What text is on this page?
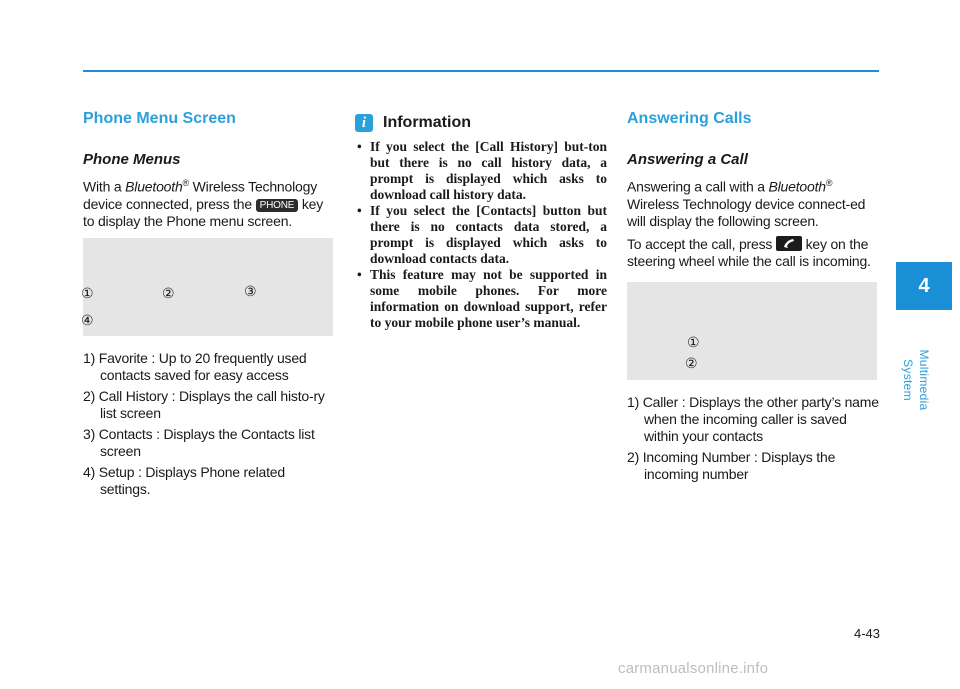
Phone Menu Screen
Phone Menus

With a Bluetooth® Wireless Technology device connected, press the PHONE key to display the Phone menu screen.

①	②	③
④
1) Favorite : Up to 20 frequently used contacts saved for easy access
2) Call History : Displays the call histo-ry list screen
3) Contacts : Displays the Contacts list screen
4) Setup : Displays Phone related settings.
i	Information
• If you select the [Call History] but-ton but there is no call history data, a prompt is displayed which asks to download call history data.
• If you select the [Contacts] button but there is no contacts data stored, a prompt is displayed which asks to download contacts data.
• This feature may not be supported in some mobile phones. For more information on download support, refer to your mobile phone user’s manual.
Answering Calls
Answering a Call

Answering a call with a Bluetooth® Wireless Technology device connect-ed will display the following screen.

To accept the call, press
key on the steering wheel while the call is incoming.

①
②
1) Caller : Displays the other party’s name when the incoming caller is saved within your contacts
2) Incoming Number : Displays the incoming number
4
Multimedia System
4-43
carmanualsonline.info
